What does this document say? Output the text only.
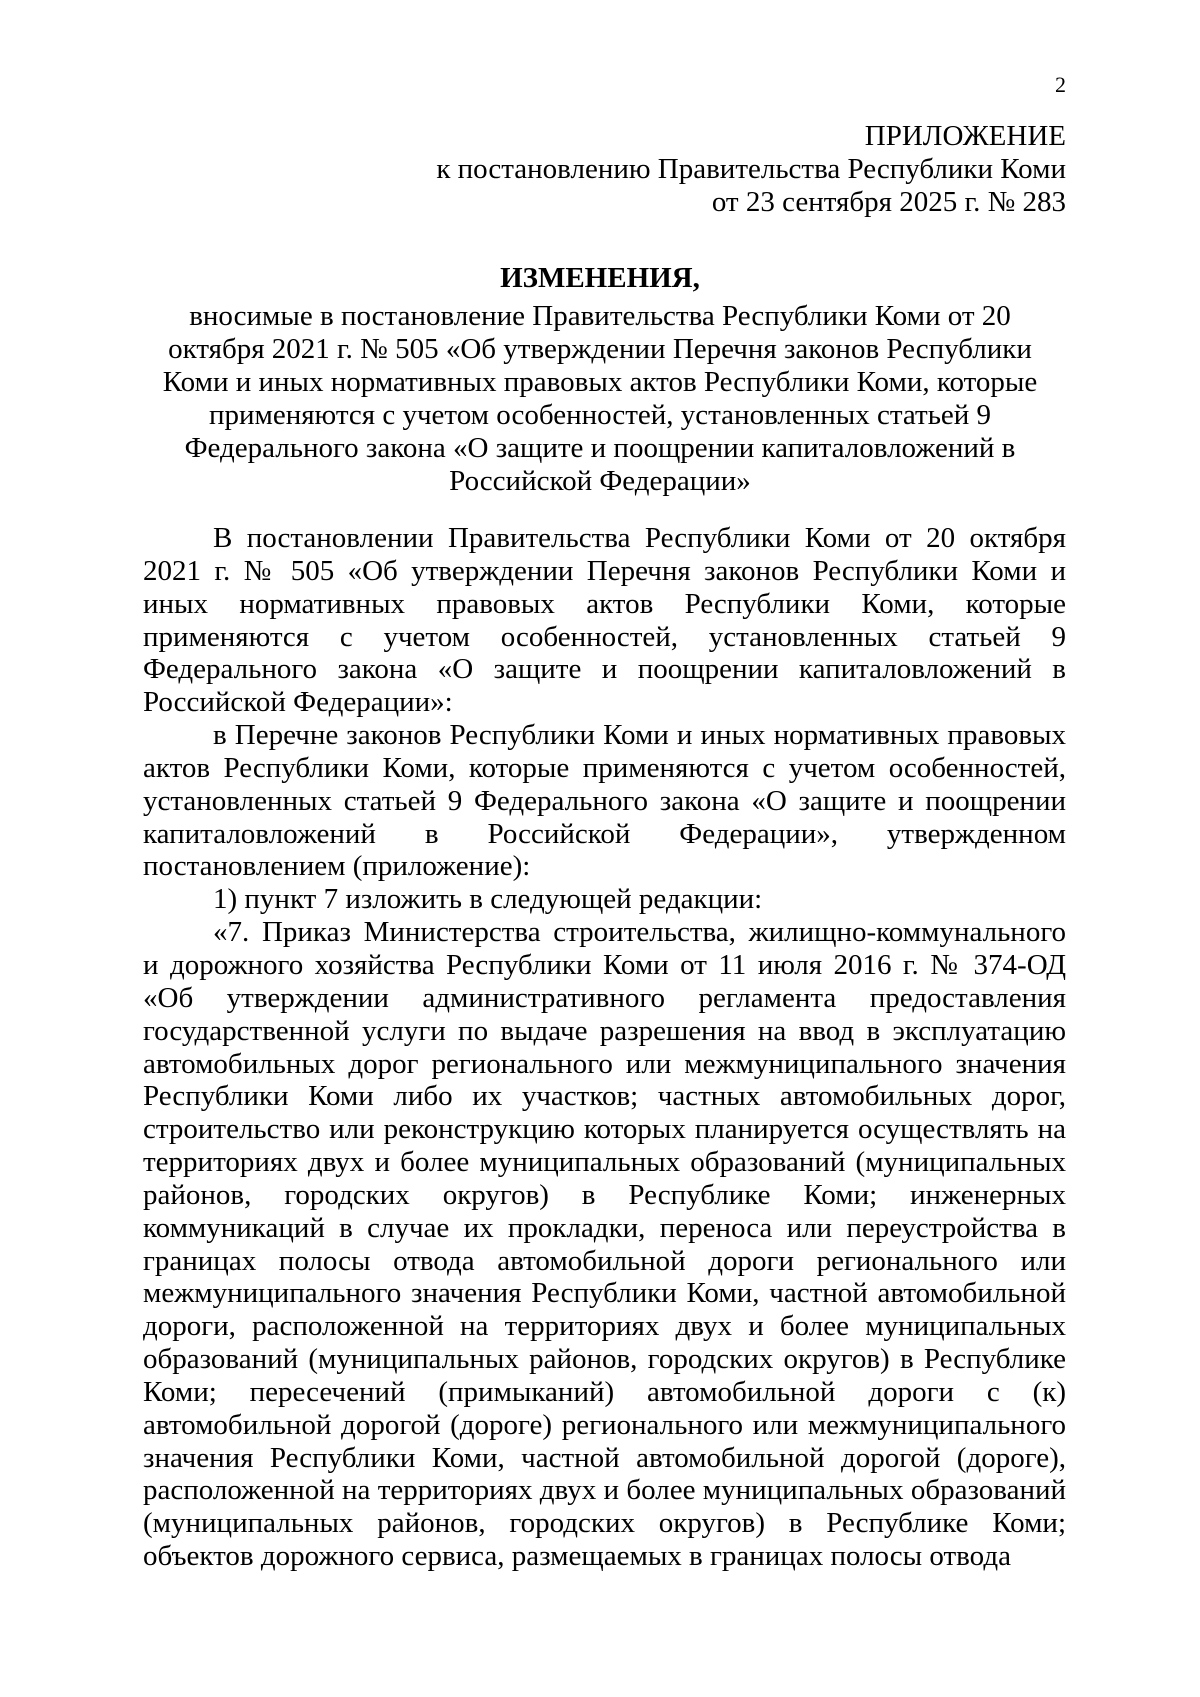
2
ПРИЛОЖЕНИЕ
к постановлению Правительства Республики Коми
от 23 сентября 2025 г. № 283
ИЗМЕНЕНИЯ,
вносимые в постановление Правительства Республики Коми от 20
октября 2021 г. № 505 «Об утверждении Перечня законов Республики
Коми и иных нормативных правовых актов Республики Коми, которые
применяются с учетом особенностей, установленных статьей 9
Федерального закона «О защите и поощрении капиталовложений в
Российской Федерации»

В постановлении Правительства Республики Коми от 20 октября 2021 г. № 505 «Об утверждении Перечня законов Республики Коми и иных нормативных правовых актов Республики Коми, которые применяются с учетом особенностей, установленных статьей 9 Федерального закона «О защите и поощрении капиталовложений в Российской Федерации»:

в Перечне законов Республики Коми и иных нормативных правовых актов Республики Коми, которые применяются с учетом особенностей, установленных статьей 9 Федерального закона «О защите и поощрении капиталовложений в Российской Федерации», утвержденном постановлением (приложение):

1) пункт 7 изложить в следующей редакции:

«7. Приказ Министерства строительства, жилищно-коммунального и дорожного хозяйства Республики Коми от 11 июля 2016 г. № 374-ОД «Об утверждении административного регламента предоставления государственной услуги по выдаче разрешения на ввод в эксплуатацию автомобильных дорог регионального или межмуниципального значения Республики Коми либо их участков; частных автомобильных дорог, строительство или реконструкцию которых планируется осуществлять на территориях двух и более муниципальных образований (муниципальных районов, городских округов) в Республике Коми; инженерных коммуникаций в случае их прокладки, переноса или переустройства в границах полосы отвода автомобильной дороги регионального или межмуниципального значения Республики Коми, частной автомобильной дороги, расположенной на территориях двух и более муниципальных образований (муниципальных районов, городских округов) в Республике Коми; пересечений (примыканий) автомобильной дороги с (к) автомобильной дорогой (дороге) регионального или межмуниципального значения Республики Коми, частной автомобильной дорогой (дороге), расположенной на территориях двух и более муниципальных образований (муниципальных районов, городских округов) в Республике Коми; объектов дорожного сервиса, размещаемых в границах полосы отвода
